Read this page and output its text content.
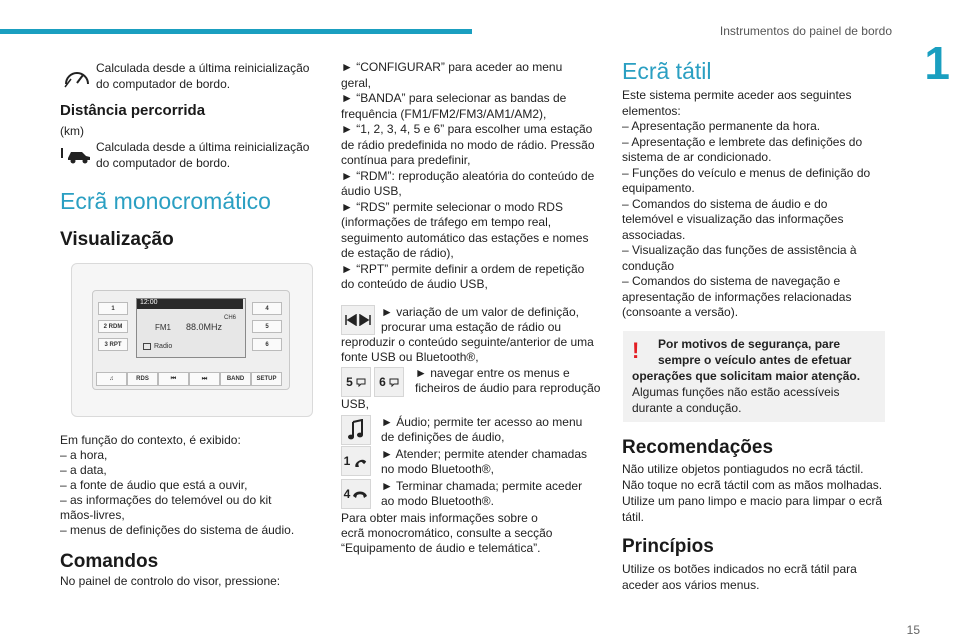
Instrumentos do painel de bordo
1
Calculada desde a última reinicialização do computador de bordo.
Distância percorrida
(km)
Calculada desde a última reinicialização do computador de bordo.
Ecrã monocromático
Visualização
12:00
CH6
FM1 88.0MHz
Radio
1
2 RDM
3 RPT
4
5
6
♫	RDS	⏮	⏭	BAND	SETUP
Em função do contexto, é exibido:
– a hora,
– a data,
– a fonte de áudio que está a ouvir,
– as informações do telemóvel ou do kit
mãos-livres,
– menus de definições do sistema de áudio.
Comandos
No painel de controlo do visor, pressione:
► “CONFIGURAR” para aceder ao menu
geral,
► “BANDA” para selecionar as bandas de
frequência (FM1/FM2/FM3/AM1/AM2),
► “1, 2, 3, 4, 5 e 6” para escolher uma estação
de rádio predefinida no modo de rádio. Pressão
contínua para predefinir,
► “RDM”: reprodução aleatória do conteúdo de
áudio USB,
► “RDS” permite selecionar o modo RDS
(informações de tráfego em tempo real,
seguimento automático das estações e nomes
de estação de rádio),
► “RPT” permite definir a ordem de repetição
do conteúdo de áudio USB,
► variação de um valor de definição,
procurar uma estação de rádio ou
reproduzir o conteúdo seguinte/anterior de uma
fonte USB ou Bluetooth®,
5 6
► navegar entre os menus e
ficheiros de áudio para reprodução
USB,
► Áudio; permite ter acesso ao menu
de definições de áudio,
1	► Atender; permite atender chamadas
no modo Bluetooth®,
4
► Terminar chamada; permite aceder
ao modo Bluetooth®.
Para obter mais informações sobre o
ecrã monocromático, consulte a secção
“Equipamento de áudio e telemática”.
Ecrã tátil
Este sistema permite aceder aos seguintes
elementos:
– Apresentação permanente da hora.
– Apresentação e lembrete das definições do
sistema de ar condicionado.
– Funções do veículo e menus de definição do
equipamento.
– Comandos do sistema de áudio e do
telemóvel e visualização das informações
associadas.
– Visualização das funções de assistência à
condução
– Comandos do sistema de navegação e
apresentação de informações relacionadas
(consoante a versão).
! Por motivos de segurança, pare
sempre o veículo antes de efetuar
operações que solicitam maior atenção.
Algumas funções não estão acessíveis
durante a condução.
Recomendações
Não utilize objetos pontiagudos no ecrã táctil.
Não toque no ecrã táctil com as mãos molhadas.
Utilize um pano limpo e macio para limpar o ecrã
tátil.
Princípios
Utilize os botões indicados no ecrã tátil para
aceder aos vários menus.
15
